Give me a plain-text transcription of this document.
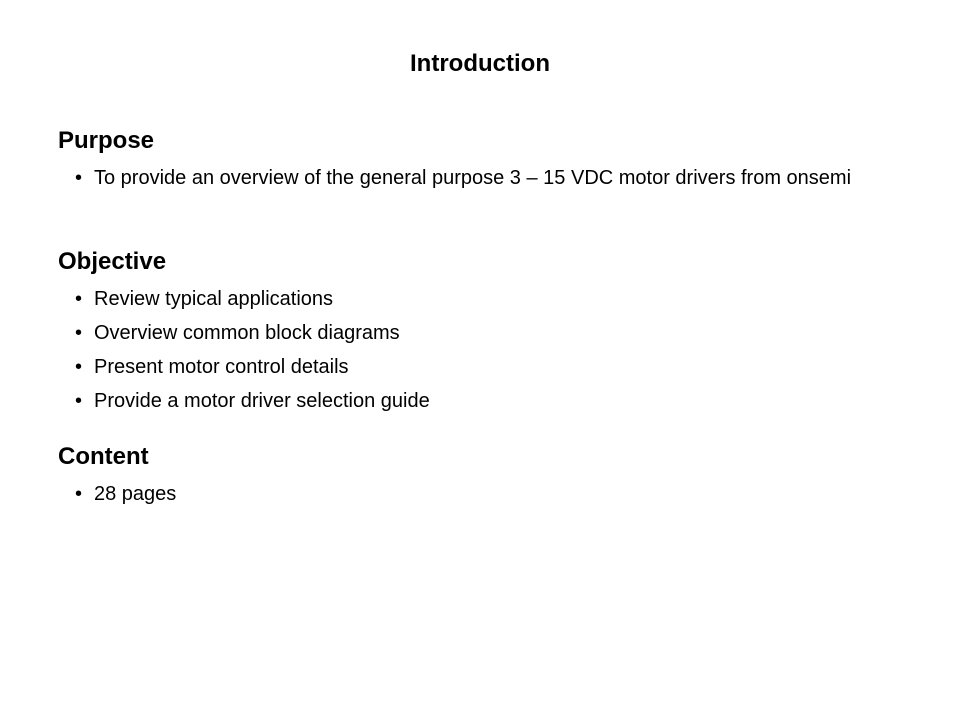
Introduction
Purpose
• To provide an overview of the general purpose 3 – 15 VDC motor drivers from onsemi
Objective
• Review typical applications
• Overview common block diagrams
• Present motor control details
• Provide a motor driver selection guide
Content
• 28 pages
